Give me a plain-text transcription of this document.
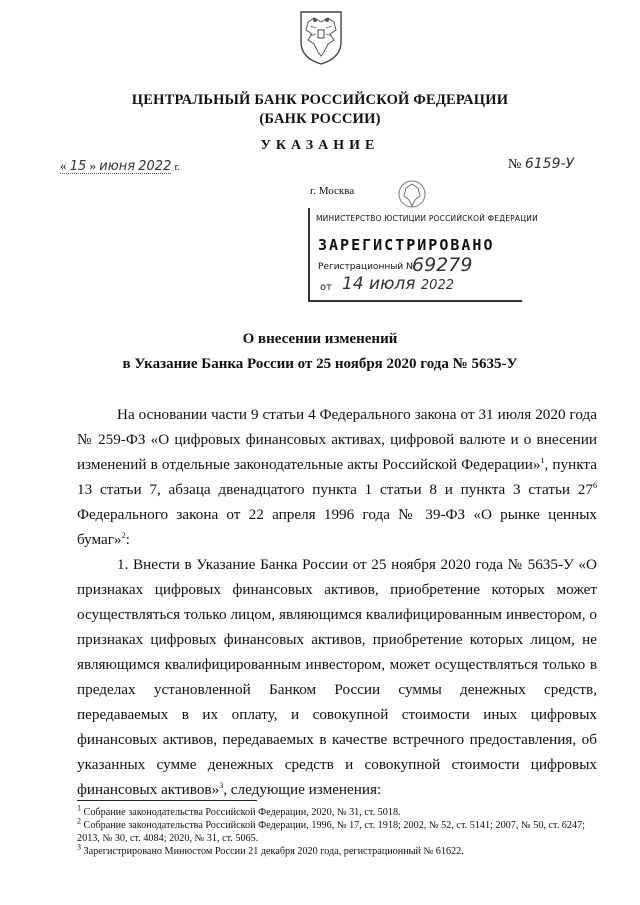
ЦЕНТРАЛЬНЫЙ БАНК РОССИЙСКОЙ ФЕДЕРАЦИИ
(БАНК РОССИИ)
УКАЗАНИЕ
« 15 » июня 2022 г.	№ 6159-У
г. Москва
МИНИСТЕРСТВО ЮСТИЦИИ РОССИЙСКОЙ ФЕДЕРАЦИИ
ЗАРЕГИСТРИРОВАНО
Регистрационный №
69279
от 14 июля 2022
О внесении изменений
в Указание Банка России от 25 ноября 2020 года № 5635-У

На основании части 9 статьи 4 Федерального закона от 31 июля 2020 года № 259-ФЗ «О цифровых финансовых активах, цифровой валюте и о внесении изменений в отдельные законодательные акты Российской Федерации»$^1$, пункта 13 статьи 7, абзаца двенадцатого пункта 1 статьи 8 и пункта 3 статьи $27^6$ Федерального закона от 22 апреля 1996 года № 39-ФЗ «О рынке ценных бумаг»$^2$:

1. Внести в Указание Банка России от 25 ноября 2020 года № 5635-У «О признаках цифровых финансовых активов, приобретение которых может осуществляться только лицом, являющимся квалифицированным инвестором, о признаках цифровых финансовых активов, приобретение которых лицом, не являющимся квалифицированным инвестором, может осуществляться только в пределах установленной Банком России суммы денежных средств, передаваемых в их оплату, и совокупной стоимости иных цифровых финансовых активов, передаваемых в качестве встречного предоставления, об указанных сумме денежных средств и совокупной стоимости цифровых финансовых активов»$^3$, следующие изменения:

$^1$ Собрание законодательства Российской Федерации, 2020, № 31, ст. 5018.

$^2$ Собрание законодательства Российской Федерации, 1996, № 17, ст. 1918; 2002, № 52, ст. 5141; 2007, № 50, ст. 6247; 2013, № 30, ст. 4084; 2020, № 31, ст. 5065.

$^3$ Зарегистрировано Минюстом России 21 декабря 2020 года, регистрационный № 61622.
